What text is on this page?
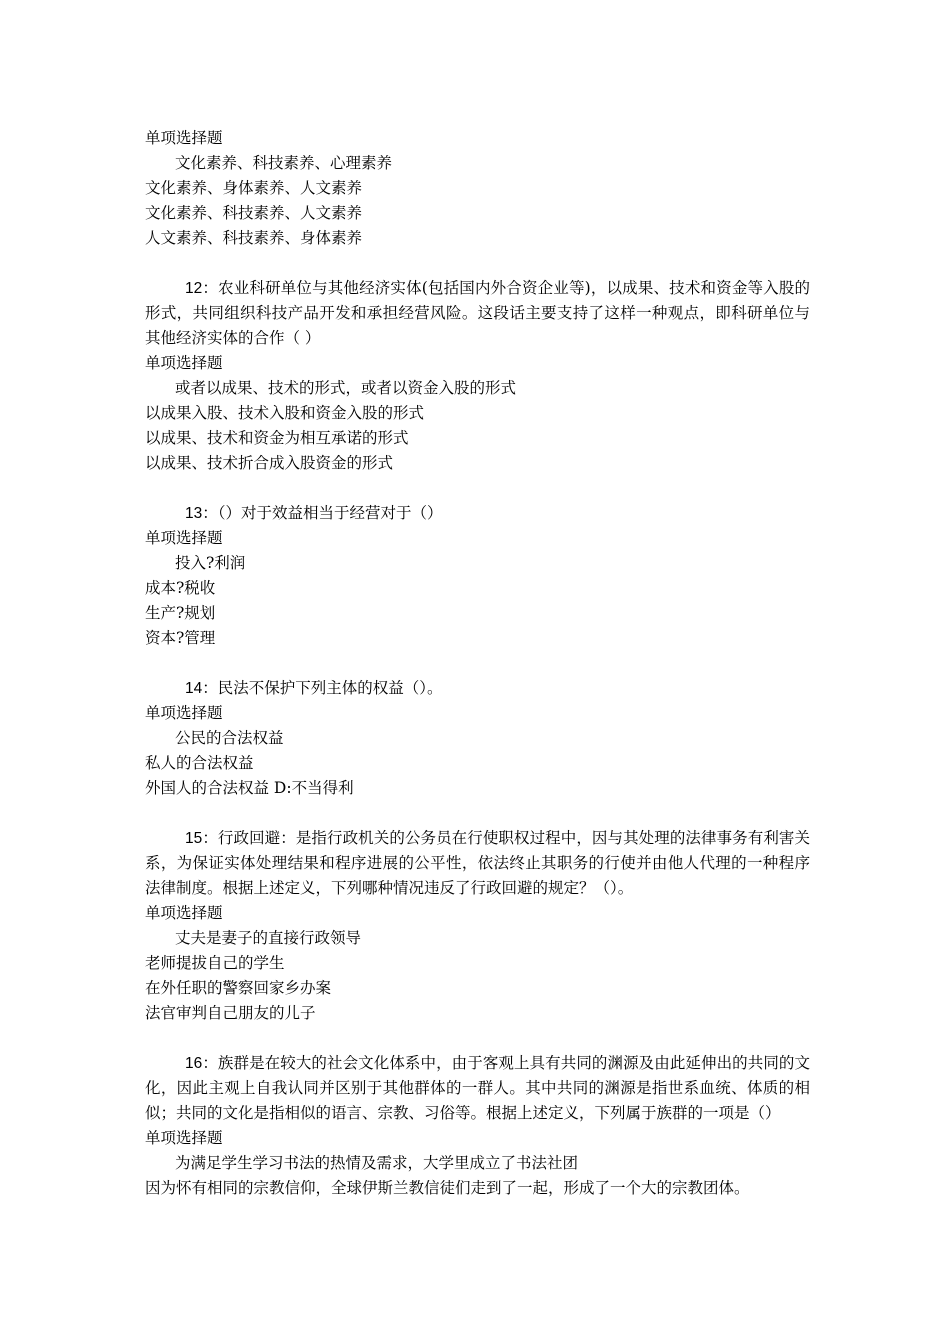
单项选择题

文化素养、科技素养、心理素养

文化素养、身体素养、人文素养

文化素养、科技素养、人文素养

人文素养、科技素养、身体素养

12：农业科研单位与其他经济实体(包括国内外合资企业等)，以成果、技术和资金等入股的形式，共同组织科技产品开发和承担经营风险。这段话主要支持了这样一种观点，即科研单位与其他经济实体的合作（ ）

单项选择题

或者以成果、技术的形式，或者以资金入股的形式

以成果入股、技术入股和资金入股的形式

以成果、技术和资金为相互承诺的形式

以成果、技术折合成入股资金的形式

13：（）对于效益相当于经营对于（）

单项选择题

投入?利润

成本?税收

生产?规划

资本?管理

14：民法不保护下列主体的权益（）。

单项选择题

公民的合法权益

私人的合法权益

外国人的合法权益 D:不当得利

15：行政回避：是指行政机关的公务员在行使职权过程中，因与其处理的法律事务有利害关系，为保证实体处理结果和程序进展的公平性，依法终止其职务的行使并由他人代理的一种程序法律制度。根据上述定义，下列哪种情况违反了行政回避的规定？（）。

单项选择题

丈夫是妻子的直接行政领导

老师提拔自己的学生

在外任职的警察回家乡办案

法官审判自己朋友的儿子

16：族群是在较大的社会文化体系中，由于客观上具有共同的渊源及由此延伸出的共同的文化，因此主观上自我认同并区别于其他群体的一群人。其中共同的渊源是指世系血统、体质的相似；共同的文化是指相似的语言、宗教、习俗等。根据上述定义，下列属于族群的一项是（）

单项选择题

为满足学生学习书法的热情及需求，大学里成立了书法社团

因为怀有相同的宗教信仰，全球伊斯兰教信徒们走到了一起，形成了一个大的宗教团体。
